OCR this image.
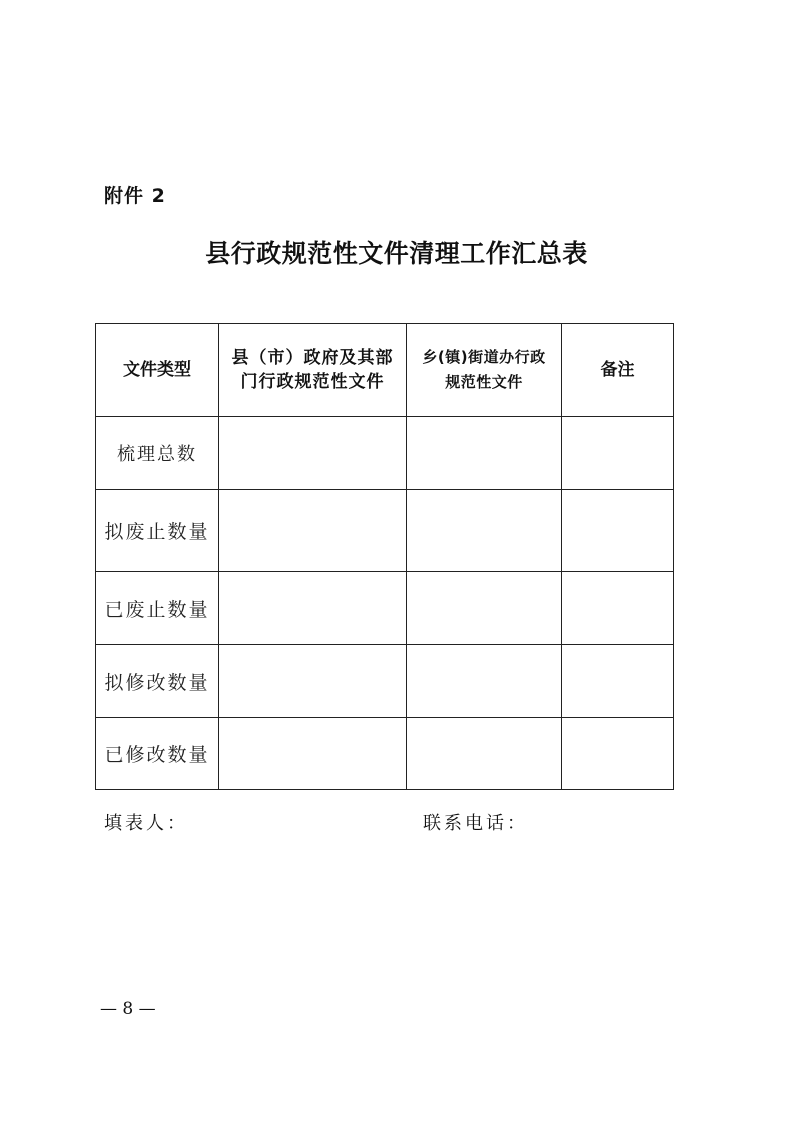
附件 2
县行政规范性文件清理工作汇总表
文件类型	县（市）政府及其部门行政规范性文件	乡(镇)街道办行政规范性文件	备注
梳理总数			
拟废止数量			
已废止数量			
拟修改数量			
已修改数量			
填表人：	联系电话：
— 8 —
